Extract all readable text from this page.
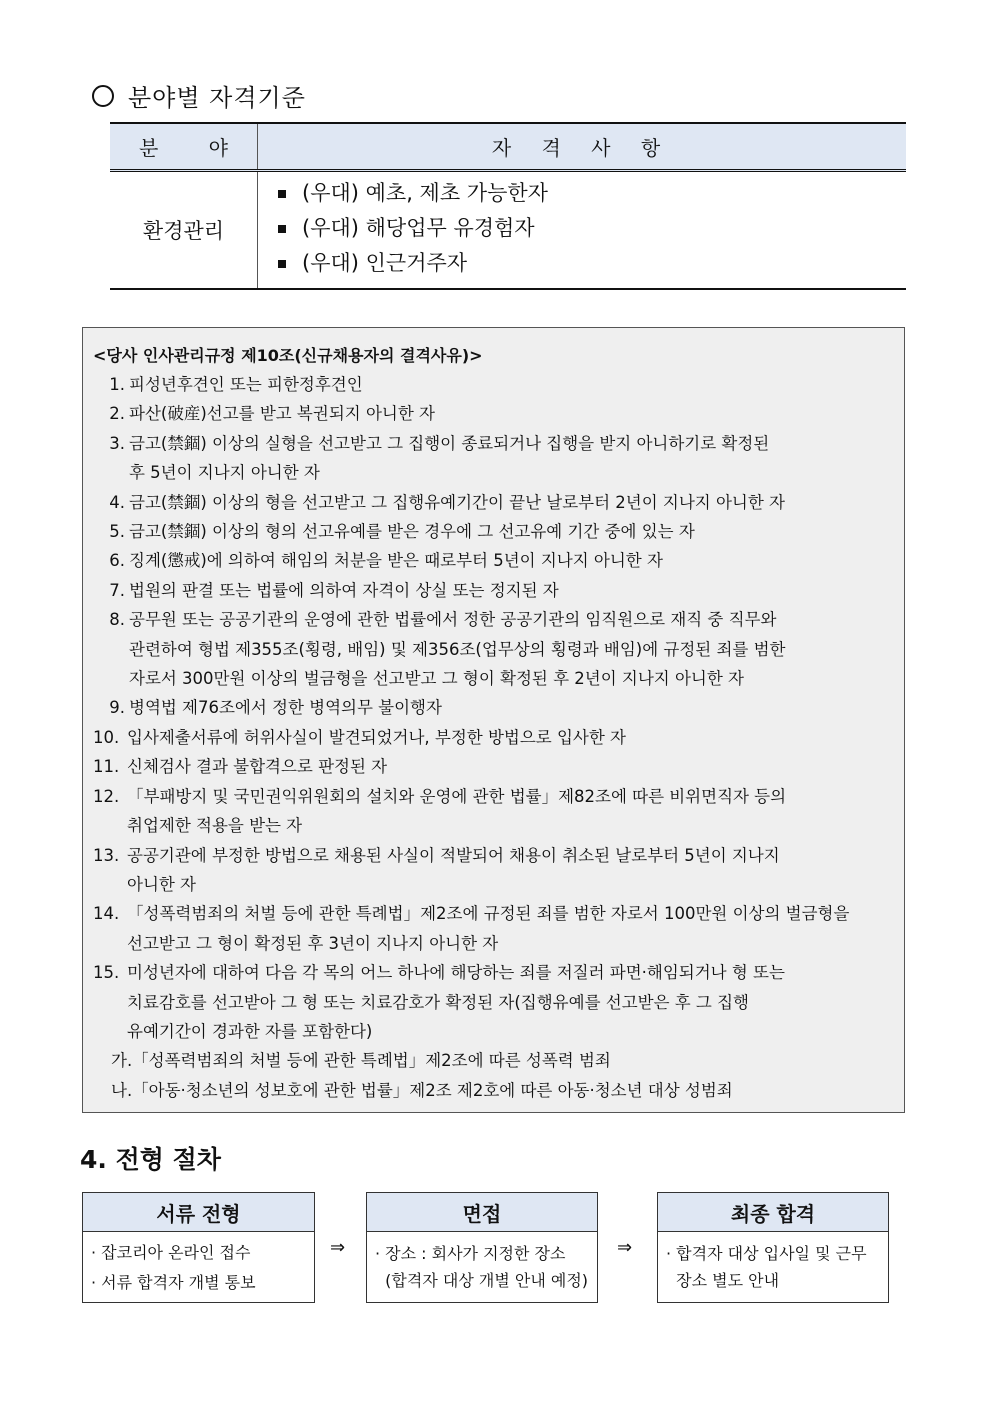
분야별 자격기준
분 야	자 격 사 항
환경관리
(우대) 예초, 제초 가능한자
(우대) 해당업무 유경험자
(우대) 인근거주자
<당사 인사관리규정 제10조(신규채용자의 결격사유)>
1. 피성년후견인 또는 피한정후견인
2. 파산(破産)선고를 받고 복권되지 아니한 자
3. 금고(禁錮) 이상의 실형을 선고받고 그 집행이 종료되거나 집행을 받지 아니하기로 확정된
후 5년이 지나지 아니한 자
4. 금고(禁錮) 이상의 형을 선고받고 그 집행유예기간이 끝난 날로부터 2년이 지나지 아니한 자
5. 금고(禁錮) 이상의 형의 선고유예를 받은 경우에 그 선고유예 기간 중에 있는 자
6. 징계(懲戒)에 의하여 해임의 처분을 받은 때로부터 5년이 지나지 아니한 자
7. 법원의 판결 또는 법률에 의하여 자격이 상실 또는 정지된 자
8. 공무원 또는 공공기관의 운영에 관한 법률에서 정한 공공기관의 임직원으로 재직 중 직무와
관련하여 형법 제355조(횡령, 배임) 및 제356조(업무상의 횡령과 배임)에 규정된 죄를 범한
자로서 300만원 이상의 벌금형을 선고받고 그 형이 확정된 후 2년이 지나지 아니한 자
9. 병역법 제76조에서 정한 병역의무 불이행자
10. 입사제출서류에 허위사실이 발견되었거나, 부정한 방법으로 입사한 자
11. 신체검사 결과 불합격으로 판정된 자
12. 「부패방지 및 국민권익위원회의 설치와 운영에 관한 법률」제82조에 따른 비위면직자 등의
취업제한 적용을 받는 자
13. 공공기관에 부정한 방법으로 채용된 사실이 적발되어 채용이 취소된 날로부터 5년이 지나지
아니한 자
14. 「성폭력범죄의 처벌 등에 관한 특례법」제2조에 규정된 죄를 범한 자로서 100만원 이상의 벌금형을
선고받고 그 형이 확정된 후 3년이 지나지 아니한 자
15. 미성년자에 대하여 다음 각 목의 어느 하나에 해당하는 죄를 저질러 파면·해임되거나 형 또는
치료감호를 선고받아 그 형 또는 치료감호가 확정된 자(집행유예를 선고받은 후 그 집행
유예기간이 경과한 자를 포함한다)
가.「성폭력범죄의 처벌 등에 관한 특례법」제2조에 따른 성폭력 범죄
나.「아동·청소년의 성보호에 관한 법률」제2조 제2호에 따른 아동·청소년 대상 성범죄
4. 전형 절차
서류 전형
· 잡코리아 온라인 접수
· 서류 합격자 개별 통보
⇒
면접
· 장소 : 회사가 지정한 장소
(합격자 대상 개별 안내 예정)
⇒
최종 합격
· 합격자 대상 입사일 및 근무
장소 별도 안내
